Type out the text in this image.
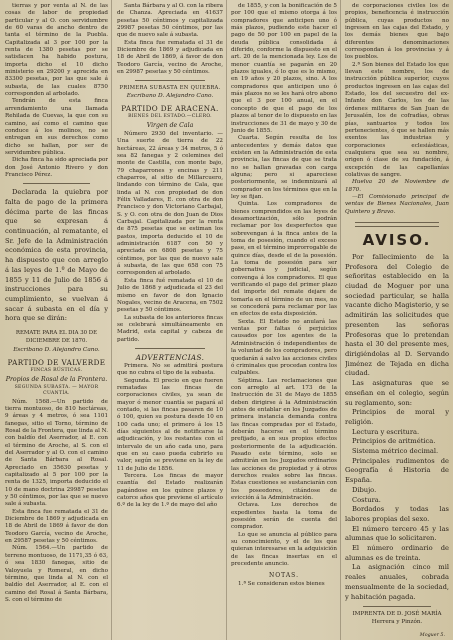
tierras y por venta al N. de las cosas de labor de propiedad particular y al O. con servidumbre de 60 varas de ancho dentro de tanta el término de la Puebla. Capitalizada al 3 por 100 por la renta de 1380 pesetas por se satisfacen ha habido postura, importa dicho el 10 dicho ministerio en 29200 y aprecida en 83300 pesetas, por las que sale á subasta, de las cuales 8750 corresponden al arbolado.

Tendrán de esta finca arrendamiento una llamada Rehilada de Cuevas, la que con su camino, así como el camino que conduce á los molinos, no se entregan en sus derechos como dicho se hallan, por ser de servidumbre pública.

Dicha finca ha sido apreciada por don José Antonio Rivero y don Francisco Pérez.

Declarada la quiebra por falta de pago de la primera décima parte de las fincas que se expresan á continuación, al rematante, el Sr. Jefe de la Administración económica de esta provincia, ha dispuesto que con arreglo á las leyes de 1.º de Mayo de 1855 y 11 de Julio de 1856 á instrucciones para su cumplimiento, se vuelvan á sacar á subasta en el día y hora que se dirán:

REMATE PARA EL DIA 30 DE DICIEMBRE DE 1870.
Escribano D. Alejandro Cano.
PARTIDO DE VALVERDE
FINCAS RÚSTICAS.
Propios de Rosal de la Frontera.
SEGUNDA SUBASTA. — MAYOR CUANTÍA.

Núm. 1568.—Un partido de tierra montuoso, de 810 hectáreas, 9 áreas y 4 metros, ó sea 1101 fanegas, sitio el Torno, término de Rosal de la Frontera, que linda al N. con baldío del Aserrador, al E. con el término de Aroche, al S. con el del Aserrador y al O. con el camino de Santa Bárbara al Rosal. Apreciado en 35630 pesetas y capitalizado al 5 por 100 por la renta de 1325, importa deducido el 10 de mano doctrina 29987 pesetas y 50 céntimos, por las que se nuevo sale á subasta.

Esta finca fue rematada el 31 de Diciembre de 1869 y adjudicada en 18 de Abril de 1869 á favor de don Teodoro García, vecino de Aroche, en 29587 pesetas y 50 céntimos.

Núm. 1564.—Un partido de terreno montuoso, de 1171,35 ó 63, ó sea 1830 fanegas, sitio de Valoyuela y Romeral, en dicho término, que linda al N. con el baldío del Aserrador, al E. con el camino del Rosal á Santa Bárbara, S. con el término de

Santa Bárbara y al O. con la ribera de Chanza. Apreciada en 41637 pesetas 50 céntimos y capitalizada 29987 pesetas 50 céntimos, por las que de nuevo sale á subasta.

Esta finca fue rematada el 31 de Diciembre de 1869 y adjudicada en 18 de Abril de 1869, á favor de don Teodoro García, vecino de Aroche, en 29987 pesetas y 50 céntimos.

PRIMERA SUBASTA EN QUIEBRA.
Escribano D. Alejandro Cano.
PARTIDO DE ARACENA.
BIENES DEL ESTADO.—CLERO.
Virgen de Cala

Número 2930 del inventario. —Una suerte de tierra de 22 hectáreas, 22 áreas y 34 metros, 5 ó sea 82 fanegas y 2 celemines del monte de Castilla, con monte bajo, 79 chaparrones y encinas y 211 chaparros, al sitio de Millarcuero, lindando con término de Cala, que linda al N. con propiedad de don Félix Valladares, E. con otra de don Francisco y don Victoriano Carbajal, S. y O. con otra de don Juan de Dios Carbajal. Capitalizada por la renta de 875 pesetas que se estiman los pastos, importa deducido el 10 de administración 6187 con 50 y apreciada en 6808 pesetas y 75 céntimos, por las que de nuevo sale á subasta, de las que 658 con 75 corresponden al arbolado.

Esta finca fué rematada el 10 de Julio de 1868 y adjudicada el 23 del mismo en favor de don Ignacio Nogales, vecino de Aracena, en 7502 pesetas y 50 céntimos.

La subasta de los anteriores fincas se celebrará simultáneamente en Madrid, esta capital y cabeza de partido.

ADVERTENCIAS.

Primera. No se admitirá postura que no cubra el tipo de la subasta.

Segunda. El precio en que fueren rematadas las fincas de corporaciones civiles, ya sean de mayor ó menor cuantía se pagará al contado, si las fincas pasaren de 10 ó 100, quien su postura desde 10 en 100 cada uno; el primero á los 15 días siguientes al de notificarse la adjudicación, y los restantes con el intervalo de un año cada uno, para que en su caso pueda cubrirlo su valor, según se previene en la ley de 11 de Julio de 1856.

Tercera. Los fincas de mayor cuantía del Estado realizarán pagándose en los quince plazos y catorce años que previene el artículo 6.º de la ley de 1.º de mayo del año

de 1855, y con la bonificación de 5 por 100 que el mismo otorga á los compradores que anticipen uno ó más plazos, pudiendo este hacer el pago de 50 por 100 en papel de la deuda pública consolidada á diferido, conforme la dispuesto en el art. 20 de la mencionada ley. Los de menor cuantía se pagarán en 20 plazos iguales, ó lo que es lo mismo, en 19 años y 20 plazos, sino. A los compradores que anticipen uno ó más plazos no se les hará otro abono que el 3 por 100 anual, en el concepto de que el pago de los plazos al tenor de lo dispuesto en las instrucciones de 31 de mayo y 30 de Junio de 1855.

Cuarta. Según resulta de los antecedentes y demás datos que existen en la Administración de esta provincia, las fincas de que se trata no se hallan gravadas con carga alguna; pero si apareciese posteriormente, se indemnizará al comprador en los términos que en la ley se fijan.

Quinta. Los compradores de bienes comprendidos en las leyes de desamortización, sólo podrán reclamar por los desperfectos que sobrevengan á la finca antes de la toma de posesión, cuando el exceso pase, en el término improrrogable de quince días, desde el de la posesión. La toma de posesión para ser gobernativa y judicial, según convenga á los compradores. El que verificando el pago del primer plazo del importe del remate dejare de tomarla en el término de un mes, no se concederá para reclamar por las en efectos de esta disposición.

Sexta. El Estado no anulará las ventas por faltas ó perjuicios causados por los agentes de la Administración ó independientes de la voluntad de los compradores, pero quedarán á salvo las acciones civiles ó criminales que procedan contra los culpables.

Séptima. Las reclamaciones que con arreglo al art. 173 de la Instrucción de 31 de Mayo de 1855 deben dirigirse á la Administración antes de entablar en los Juzgados de primera instancia demanda contra las fincas compradas por el Estado, deberán hacerse en el término prefijado, a en sus propios efectos posteriormente de la adjudicación. Pasado este término, solo se admitirán en los Juzgados ordinarios las acciones de propiedad y á otros derechos reales sobre las fincas. Estas cuestiones se sustanciarán con los poseedores, citándose de evicción á la Administración.

Octava. Los derechos de expedientes hasta la toma de posesión serán de cuenta del comprador.

Lo que se anuncia al público para su conocimiento, y el de los que quieran interesarse en la adquisición de las fincas insertas en el precedente anuncio.

NOTAS.

1.ª Se consideran estos bienes

de corporaciones civiles los de propios, beneficencia é instrucción pública, cuyas productos no ingresen en las cajas del Estado, y los demás bienes que bajo diferentes denominaciones correspondan á los provincias y á los pueblos.

2.ª Son bienes del Estado los que llevan este nombre, los de instrucción pública superior, cuyos productos ingresen en las cajas del Estado, los del secuestro del ex-Infante don Carlos, los de las órdenes militares de San Juan de Jerusalén, los de cofradías, obras pías, santuarios y todos los pertenecientes, ó que se hallen más exentos las industrias y corporaciones eclesiásticas, cualquiera que sea su nombre, origen ó clase de su fundación, á excepción de las capellanías colativas de sangre.

Huelva 20 de Noviembre de 1870.

—El Comisionado principal de ventas de Bienes Nacionales, Juan Quintero y Bravo.

AVISO.

Por fallecimiento de la Profesora del Colegio de señoritas establecido en la ciudad de Moguer por una sociedad particular, se halla vacante dicho Magisterio, y se admitirán las solicitudes que presenten las señoras Profesoras que lo pretendan hasta el 30 del presente mes, dirigiéndolas al D. Servando Jiménez de Tejada en dicha ciudad.

Las asignaturas que se enseñan en el colegio, según su reglamento, son:

Principios de moral y religión.

Lectura y escritura.

Principios de aritmética.

Sistema métrico decimal.

Principales rudimentos de Geografía é Historia de España.

Dibujo.

Costura.

Bordados y todas las labores propias del sexo.

El número tercero 45 y las alumnas que lo solicitaren.

El número ordinario de alumnas es de treinta.

La asignación cinco mil reales anuales, cobrada mensualmente de la sociedad, y habitación pagada.

IMPRENTA DE D. JOSÉ MARÍA Herrera y Pinzón.
Moguer 5.
